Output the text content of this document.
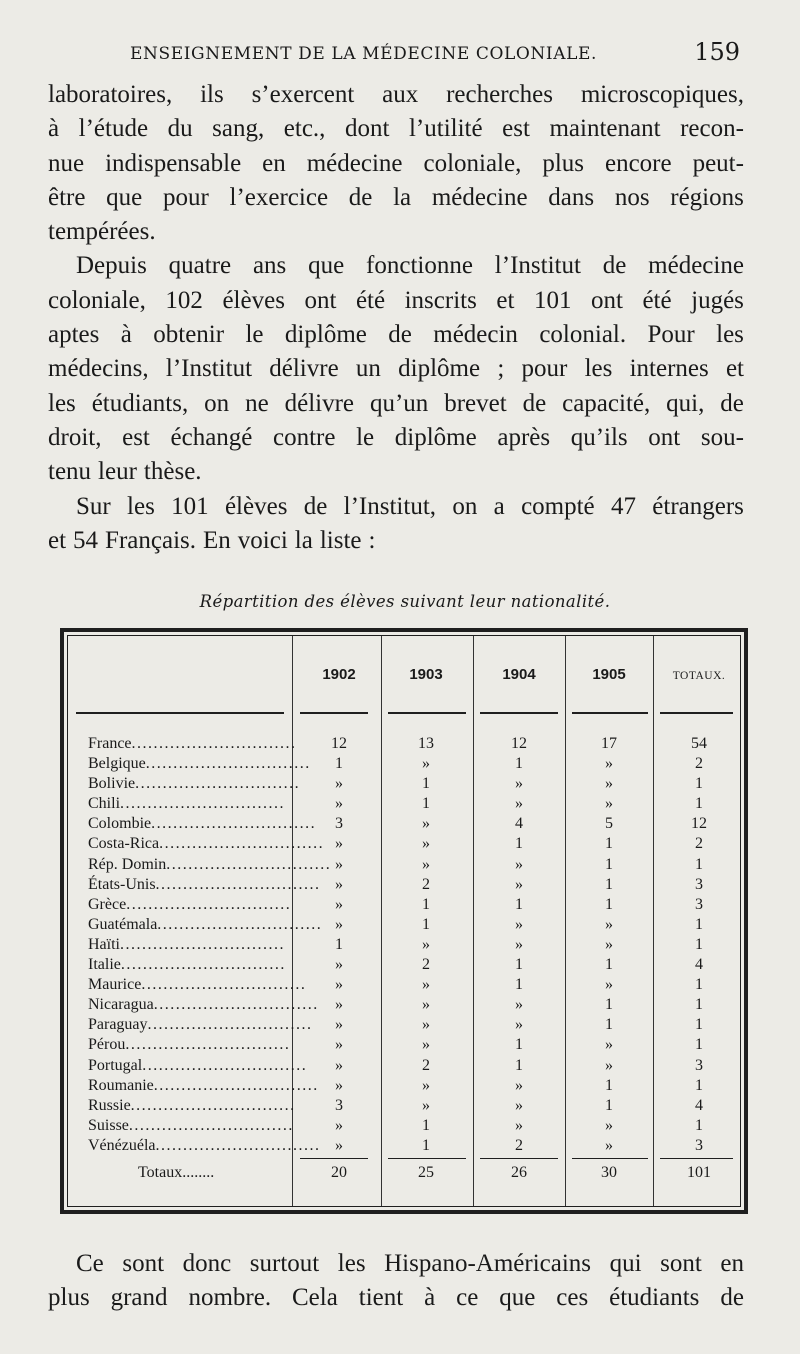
ENSEIGNEMENT DE LA MÉDECINE COLONIALE.	159
laboratoires, ils s’exercent aux recherches microscopiques,
à l’étude du sang, etc., dont l’utilité est maintenant recon-
nue indispensable en médecine coloniale, plus encore peut-
être que pour l’exercice de la médecine dans nos régions
tempérées.
Depuis quatre ans que fonctionne l’Institut de médecine
coloniale, 102 élèves ont été inscrits et 101 ont été jugés
aptes à obtenir le diplôme de médecin colonial. Pour les
médecins, l’Institut délivre un diplôme ; pour les internes et
les étudiants, on ne délivre qu’un brevet de capacité, qui, de
droit, est échangé contre le diplôme après qu’ils ont sou-
tenu leur thèse.
Sur les 101 élèves de l’Institut, on a compté 47 étrangers
et 54 Français. En voici la liste :
Répartition des élèves suivant leur nationalité.
1902	1903	1904	1905	TOTAUX.
France..............................	12	13	12	17	54
Belgique..............................	1	»	1	»	2
Bolivie..............................	»	1	»	»	1
Chili..............................	»	1	»	»	1
Colombie..............................	3	»	4	5	12
Costa-Rica.............................. »	»	1	1	2
Rép. Domin.............................. »	»	»	1	1
États-Unis.............................. »	2	»	1	3
Grèce..............................	»	1	1	1	3
Guatémala.............................. »	1	»	»	1
Haïti..............................	1	»	»	»	1
Italie..............................	»	2	1	1	4
Maurice..............................	»	»	1	»	1
Nicaragua..............................	»	»	»	1	1
Paraguay..............................	»	»	»	1	1
Pérou..............................	»	»	1	»	1
Portugal..............................	»	2	1	»	3
Roumanie..............................	»	»	»	1	1
Russie..............................	3	»	»	1	4
Suisse..............................	»	1	»	»	1
Vénézuéla.............................. »	1	2	»	3
Totaux........	20	25	26	30	101
Ce sont donc surtout les Hispano-Américains qui sont en
plus grand nombre. Cela tient à ce que ces étudiants de
